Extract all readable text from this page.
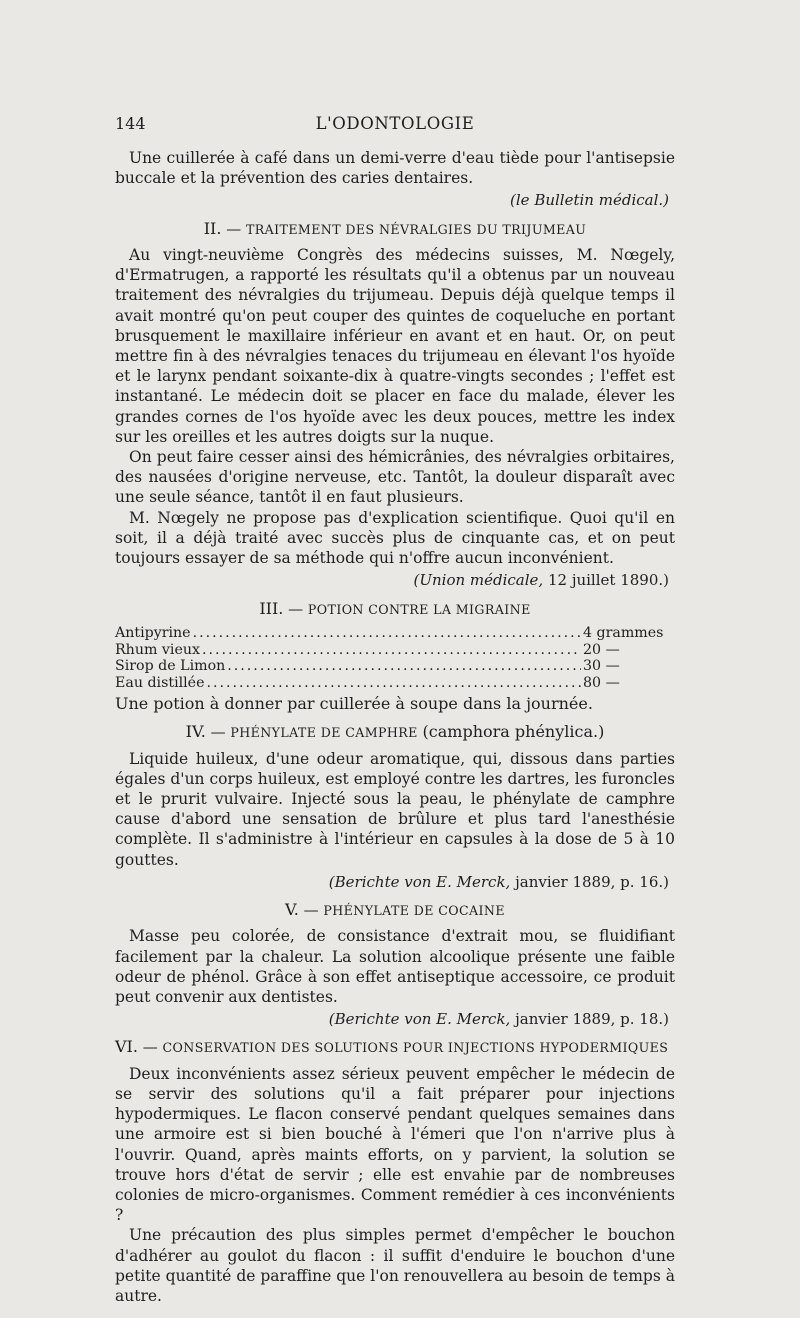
144	L'ODONTOLOGIE

Une cuillerée à café dans un demi-verre d'eau tiède pour l'antisepsie buccale et la prévention des caries dentaires.

(le Bulletin médical.)
II. — TRAITEMENT DES NÉVRALGIES DU TRIJUMEAU

Au vingt-neuvième Congrès des médecins suisses, M. Nœgely, d'Ermatrugen, a rapporté les résultats qu'il a obtenus par un nouveau traitement des névralgies du trijumeau. Depuis déjà quelque temps il avait montré qu'on peut couper des quintes de coqueluche en portant brusquement le maxillaire inférieur en avant et en haut. Or, on peut mettre fin à des névralgies tenaces du trijumeau en élevant l'os hyoïde et le larynx pendant soixante-dix à quatre-vingts secondes ; l'effet est instantané. Le médecin doit se placer en face du malade, élever les grandes cornes de l'os hyoïde avec les deux pouces, mettre les index sur les oreilles et les autres doigts sur la nuque.

On peut faire cesser ainsi des hémicrânies, des névralgies orbitaires, des nausées d'origine nerveuse, etc. Tantôt, la douleur disparaît avec une seule séance, tantôt il en faut plusieurs.

M. Nœgely ne propose pas d'explication scientifique. Quoi qu'il en soit, il a déjà traité avec succès plus de cinquante cas, et on peut toujours essayer de sa méthode qui n'offre aucun inconvénient.

(Union médicale, 12 juillet 1890.)
III. — POTION CONTRE LA MIGRAINE
Antipyrine .....	4 grammes
Rhum vieux .....	20 —
Sirop de Limon .....	30 —
Eau distillée .....	80 —

Une potion à donner par cuillerée à soupe dans la journée.

IV. — PHÉNYLATE DE CAMPHRE (camphora phénylica.)

Liquide huileux, d'une odeur aromatique, qui, dissous dans parties égales d'un corps huileux, est employé contre les dartres, les furoncles et le prurit vulvaire. Injecté sous la peau, le phénylate de camphre cause d'abord une sensation de brûlure et plus tard l'anesthésie complète. Il s'administre à l'intérieur en capsules à la dose de 5 à 10 gouttes.

(Berichte von E. Merck, janvier 1889, p. 16.)
V. — PHÉNYLATE DE COCAINE

Masse peu colorée, de consistance d'extrait mou, se fluidifiant facilement par la chaleur. La solution alcoolique présente une faible odeur de phénol. Grâce à son effet antiseptique accessoire, ce produit peut convenir aux dentistes.

(Berichte von E. Merck, janvier 1889, p. 18.)
VI. — CONSERVATION DES SOLUTIONS POUR INJECTIONS HYPODERMIQUES

Deux inconvénients assez sérieux peuvent empêcher le médecin de se servir des solutions qu'il a fait préparer pour injections hypodermiques. Le flacon conservé pendant quelques semaines dans une armoire est si bien bouché à l'émeri que l'on n'arrive plus à l'ouvrir. Quand, après maints efforts, on y parvient, la solution se trouve hors d'état de servir ; elle est envahie par de nombreuses colonies de micro-organismes. Comment remédier à ces inconvénients ?

Une précaution des plus simples permet d'empêcher le bouchon d'adhérer au goulot du flacon : il suffit d'enduire le bouchon d'une petite quantité de paraffine que l'on renouvellera au besoin de temps à autre.
